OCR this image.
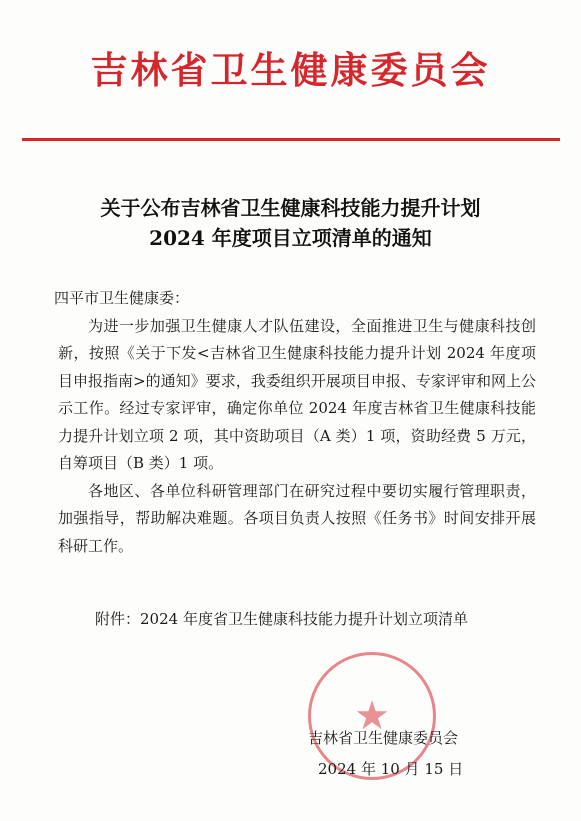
吉林省卫生健康委员会
关于公布吉林省卫生健康科技能力提升计划
2024 年度项目立项清单的通知

四平市卫生健康委：

为进一步加强卫生健康人才队伍建设，全面推进卫生与健康科技创新，按照《关于下发<吉林省卫生健康科技能力提升计划 2024 年度项目申报指南>的通知》要求，我委组织开展项目申报、专家评审和网上公示工作。经过专家评审，确定你单位 2024 年度吉林省卫生健康科技能力提升计划立项 2 项，其中资助项目（A 类）1 项，资助经费 5 万元，自筹项目（B 类）1 项。

各地区、各单位科研管理部门在研究过程中要切实履行管理职责，加强指导，帮助解决难题。各项目负责人按照《任务书》时间安排开展科研工作。

附件：2024 年度省卫生健康科技能力提升计划立项清单
★
吉林省卫生健康委员会
2024 年 10 月 15 日
